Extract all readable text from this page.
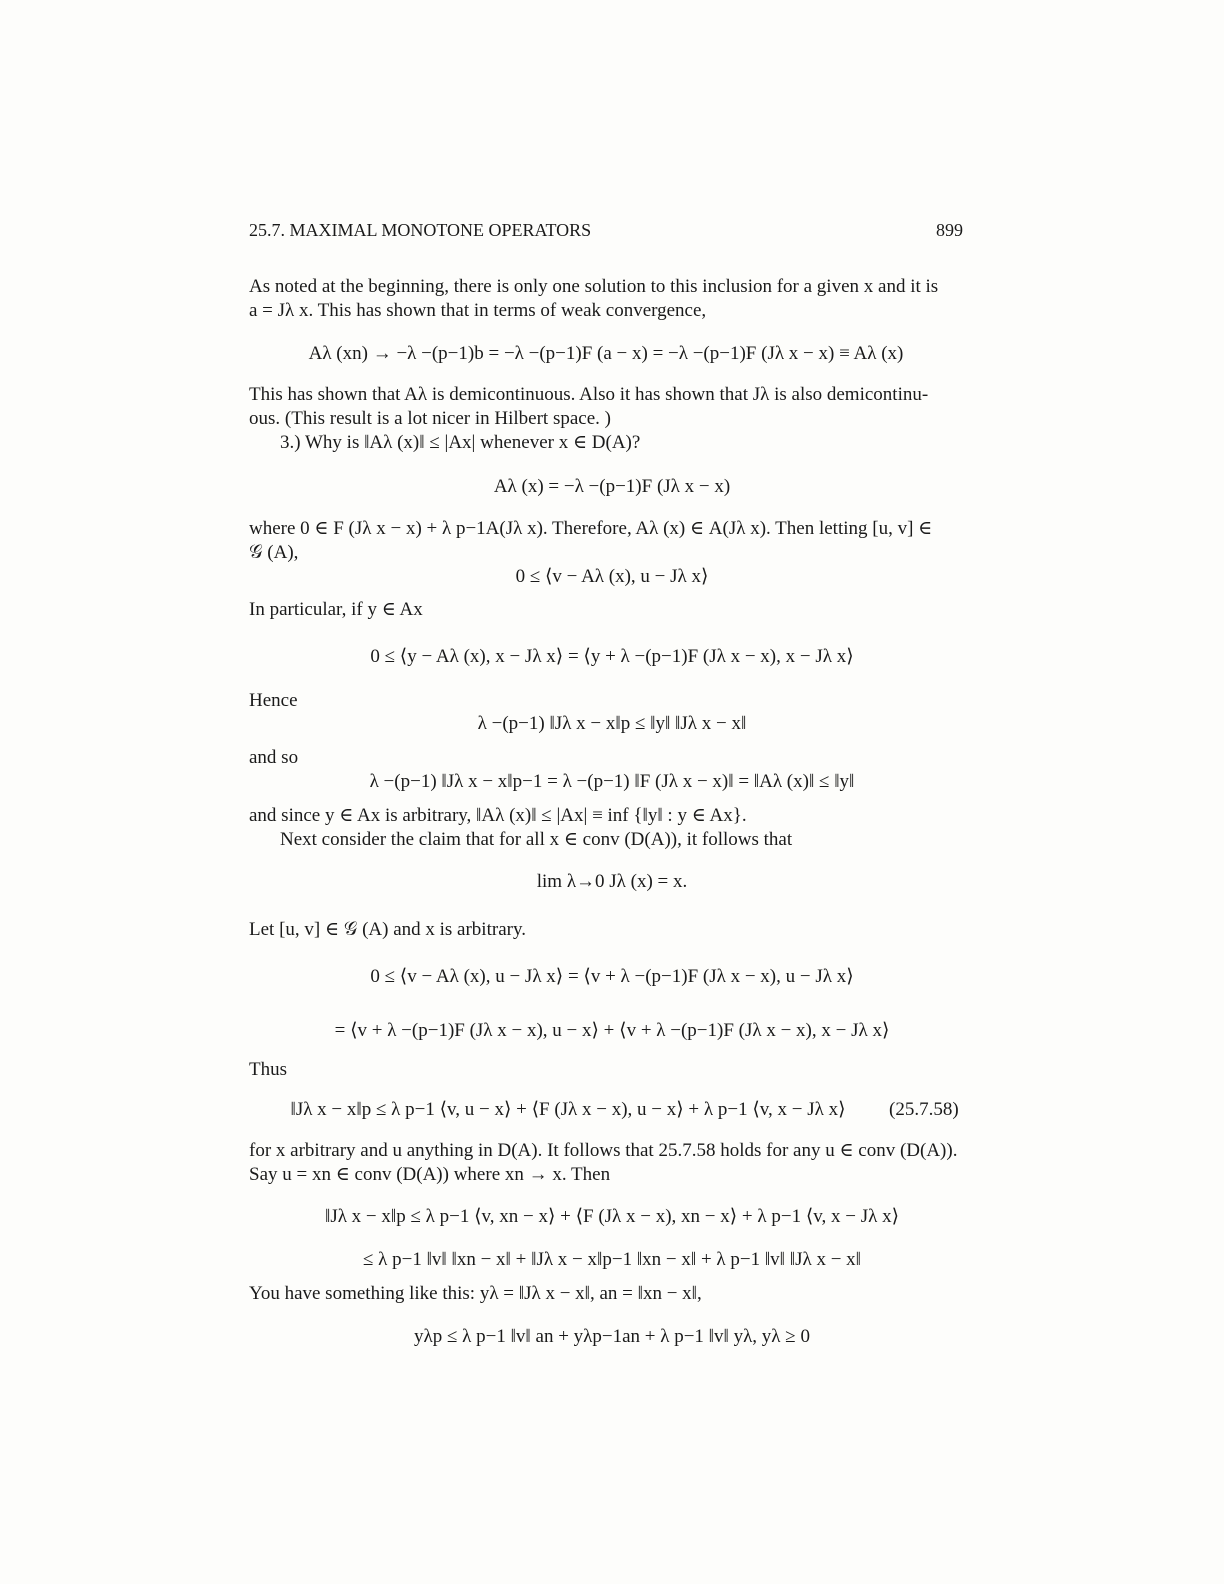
25.7. MAXIMAL MONOTONE OPERATORS	899
As noted at the beginning, there is only one solution to this inclusion for a given x and it is
a = Jλ x. This has shown that in terms of weak convergence,
Aλ (xn) → −λ −(p−1)b = −λ −(p−1)F (a − x) = −λ −(p−1)F (Jλ x − x) ≡ Aλ (x)
This has shown that Aλ is demicontinuous. Also it has shown that Jλ is also demicontinu-
ous. (This result is a lot nicer in Hilbert space. )
3.) Why is ‖Aλ (x)‖ ≤ |Ax| whenever x ∈ D(A)?
Aλ (x) = −λ −(p−1)F (Jλ x − x)
where 0 ∈ F (Jλ x − x) + λ p−1A(Jλ x). Therefore, Aλ (x) ∈ A(Jλ x). Then letting [u, v] ∈
𝒢 (A),
0 ≤ ⟨v − Aλ (x), u − Jλ x⟩
In particular, if y ∈ Ax
0 ≤ ⟨y − Aλ (x), x − Jλ x⟩ = ⟨y + λ −(p−1)F (Jλ x − x), x − Jλ x⟩
Hence
λ −(p−1) ‖Jλ x − x‖p ≤ ‖y‖ ‖Jλ x − x‖
and so
λ −(p−1) ‖Jλ x − x‖p−1 = λ −(p−1) ‖F (Jλ x − x)‖ = ‖Aλ (x)‖ ≤ ‖y‖
and since y ∈ Ax is arbitrary, ‖Aλ (x)‖ ≤ |Ax| ≡ inf {‖y‖ : y ∈ Ax}.
Next consider the claim that for all x ∈ conv (D(A)), it follows that
lim λ→0 Jλ (x) = x.
Let [u, v] ∈ 𝒢 (A) and x is arbitrary.
0 ≤ ⟨v − Aλ (x), u − Jλ x⟩ = ⟨v + λ −(p−1)F (Jλ x − x), u − Jλ x⟩
= ⟨v + λ −(p−1)F (Jλ x − x), u − x⟩ + ⟨v + λ −(p−1)F (Jλ x − x), x − Jλ x⟩
Thus
‖Jλ x − x‖p ≤ λ p−1 ⟨v, u − x⟩ + ⟨F (Jλ x − x), u − x⟩ + λ p−1 ⟨v, x − Jλ x⟩	(25.7.58)
for x arbitrary and u anything in D(A). It follows that 25.7.58 holds for any u ∈ conv (D(A)).
Say u = xn ∈ conv (D(A)) where xn → x. Then
‖Jλ x − x‖p ≤ λ p−1 ⟨v, xn − x⟩ + ⟨F (Jλ x − x), xn − x⟩ + λ p−1 ⟨v, x − Jλ x⟩
≤ λ p−1 ‖v‖ ‖xn − x‖ + ‖Jλ x − x‖p−1 ‖xn − x‖ + λ p−1 ‖v‖ ‖Jλ x − x‖
You have something like this: yλ = ‖Jλ x − x‖, an = ‖xn − x‖,
yλp ≤ λ p−1 ‖v‖ an + yλp−1an + λ p−1 ‖v‖ yλ, yλ ≥ 0
